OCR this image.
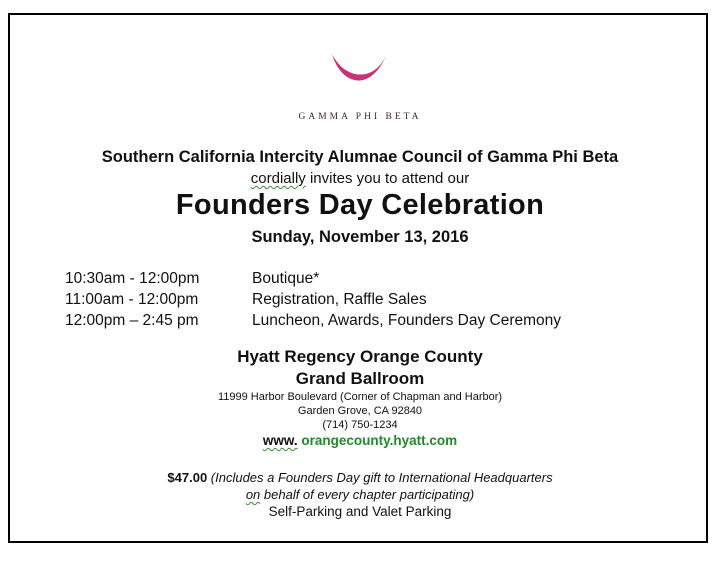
GAMMA PHI BETA
Southern California Intercity Alumnae Council of Gamma Phi Beta
cordially invites you to attend our
Founders Day Celebration
Sunday, November 13, 2016
10:30am - 12:00pm	Boutique*
11:00am - 12:00pm	Registration, Raffle Sales
12:00pm – 2:45 pm	Luncheon, Awards, Founders Day Ceremony
Hyatt Regency Orange County
Grand Ballroom
11999 Harbor Boulevard (Corner of Chapman and Harbor)
Garden Grove, CA 92840
(714) 750-1234
www. orangecounty.hyatt.com
$47.00 (Includes a Founders Day gift to International Headquarters
on behalf of every chapter participating)
Self-Parking and Valet Parking
